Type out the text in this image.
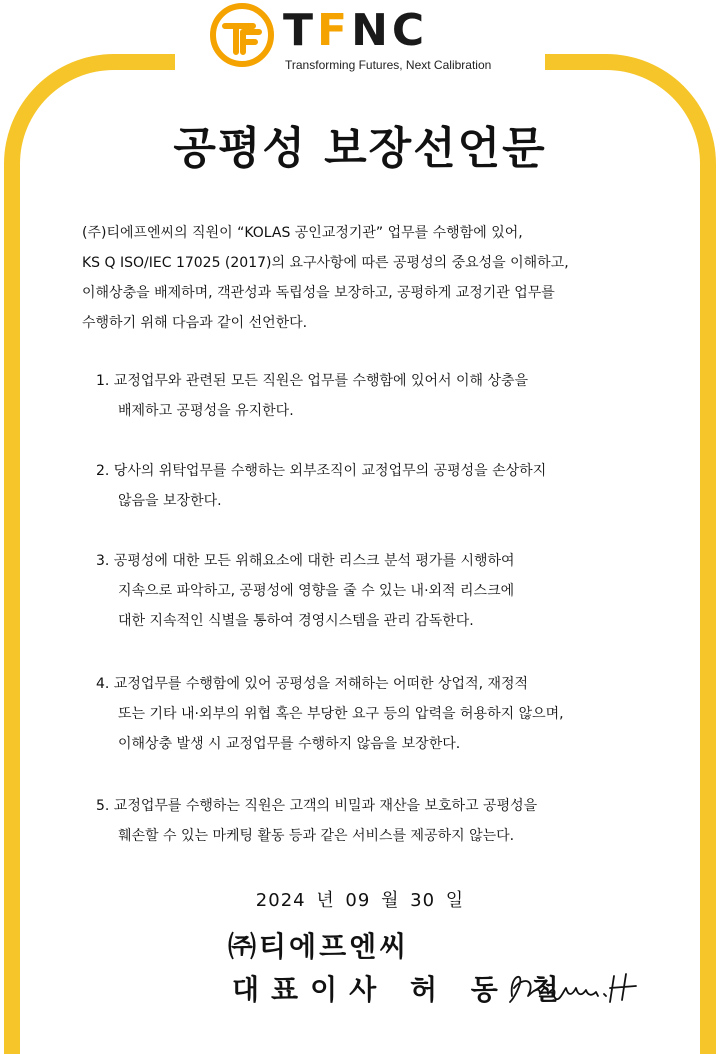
TFNC
Transforming Futures, Next Calibration
공평성 보장선언문

(주)티에프엔씨의 직원이 “KOLAS 공인교정기관” 업무를 수행함에 있어,

KS Q ISO/IEC 17025 (2017)의 요구사항에 따른 공평성의 중요성을 이해하고,

이해상충을 배제하며, 객관성과 독립성을 보장하고, 공평하게 교정기관 업무를

수행하기 위해 다음과 같이 선언한다.

1. 교정업무와 관련된 모든 직원은 업무를 수행함에 있어서 이해 상충을
배제하고 공평성을 유지한다.
2. 당사의 위탁업무를 수행하는 외부조직이 교정업무의 공평성을 손상하지
않음을 보장한다.
3. 공평성에 대한 모든 위해요소에 대한 리스크 분석 평가를 시행하여
지속으로 파악하고, 공평성에 영향을 줄 수 있는 내·외적 리스크에
대한 지속적인 식별을 통하여 경영시스템을 관리 감독한다.
4. 교정업무를 수행함에 있어 공평성을 저해하는 어떠한 상업적, 재정적
또는 기타 내·외부의 위협 혹은 부당한 요구 등의 압력을 허용하지 않으며,
이해상충 발생 시 교정업무를 수행하지 않음을 보장한다.
5. 교정업무를 수행하는 직원은 고객의 비밀과 재산을 보호하고 공평성을
훼손할 수 있는 마케팅 활동 등과 같은 서비스를 제공하지 않는다.
2024 년 09 월 30 일
㈜티에프엔씨
대표이사 허 동 철
